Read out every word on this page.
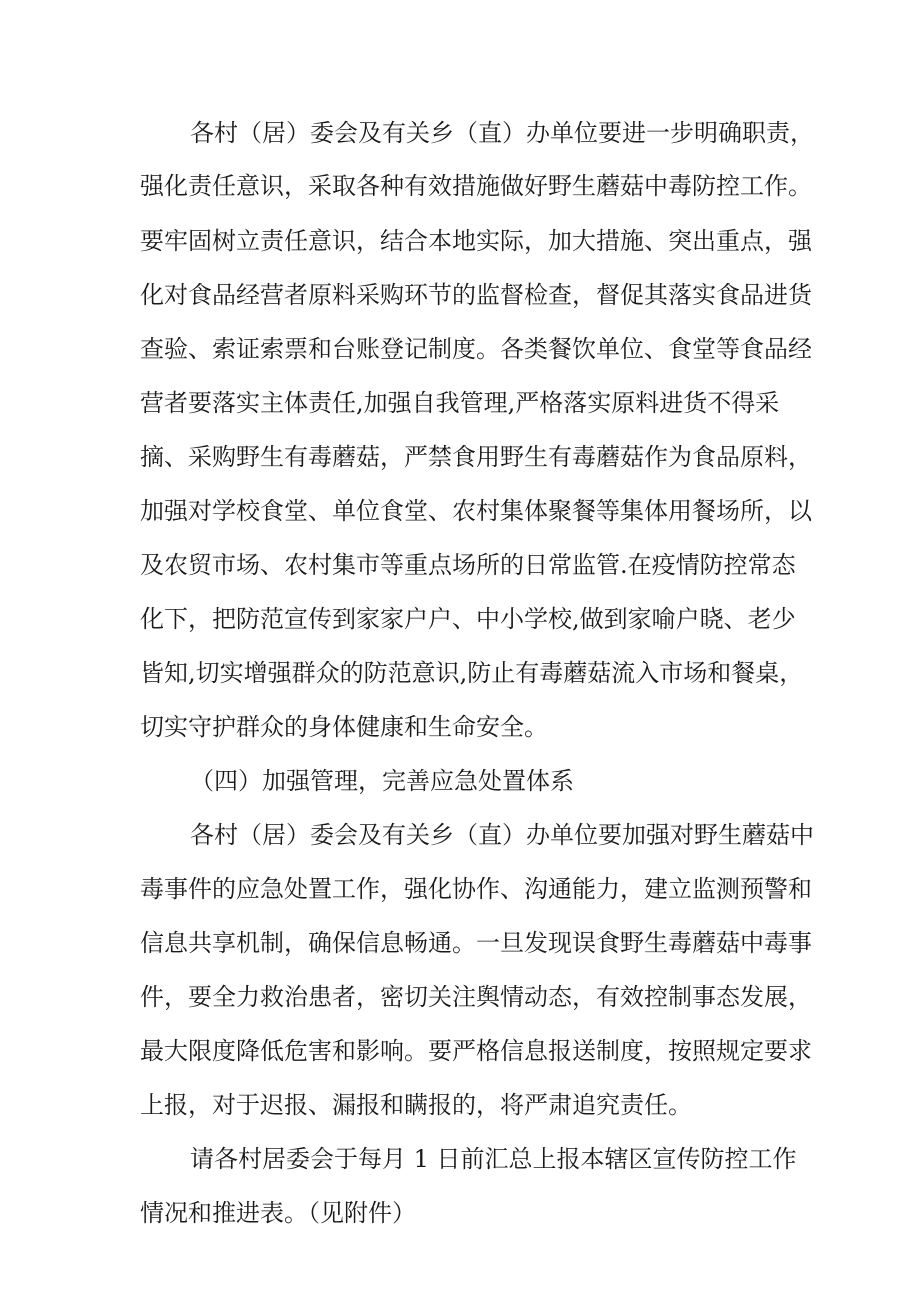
各村（居）委会及有关乡（直）办单位要进一步明确职责，

强化责任意识，采取各种有效措施做好野生蘑菇中毒防控工作。

要牢固树立责任意识，结合本地实际，加大措施、突出重点，强

化对食品经营者原料采购环节的监督检查，督促其落实食品进货

查验、索证索票和台账登记制度。各类餐饮单位、食堂等食品经

营者要落实主体责任,加强自我管理,严格落实原料进货不得采

摘、采购野生有毒蘑菇，严禁食用野生有毒蘑菇作为食品原料，

加强对学校食堂、单位食堂、农村集体聚餐等集体用餐场所，以

及农贸市场、农村集市等重点场所的日常监管.在疫情防控常态

化下，把防范宣传到家家户户、中小学校,做到家喻户晓、老少

皆知,切实增强群众的防范意识,防止有毒蘑菇流入市场和餐桌，

切实守护群众的身体健康和生命安全。

（四）加强管理，完善应急处置体系

各村（居）委会及有关乡（直）办单位要加强对野生蘑菇中

毒事件的应急处置工作，强化协作、沟通能力，建立监测预警和

信息共享机制，确保信息畅通。一旦发现误食野生毒蘑菇中毒事

件，要全力救治患者，密切关注舆情动态，有效控制事态发展，

最大限度降低危害和影响。要严格信息报送制度，按照规定要求

上报，对于迟报、漏报和瞒报的，将严肃追究责任。

请各村居委会于每月 1 日前汇总上报本辖区宣传防控工作

情况和推进表。（见附件）
